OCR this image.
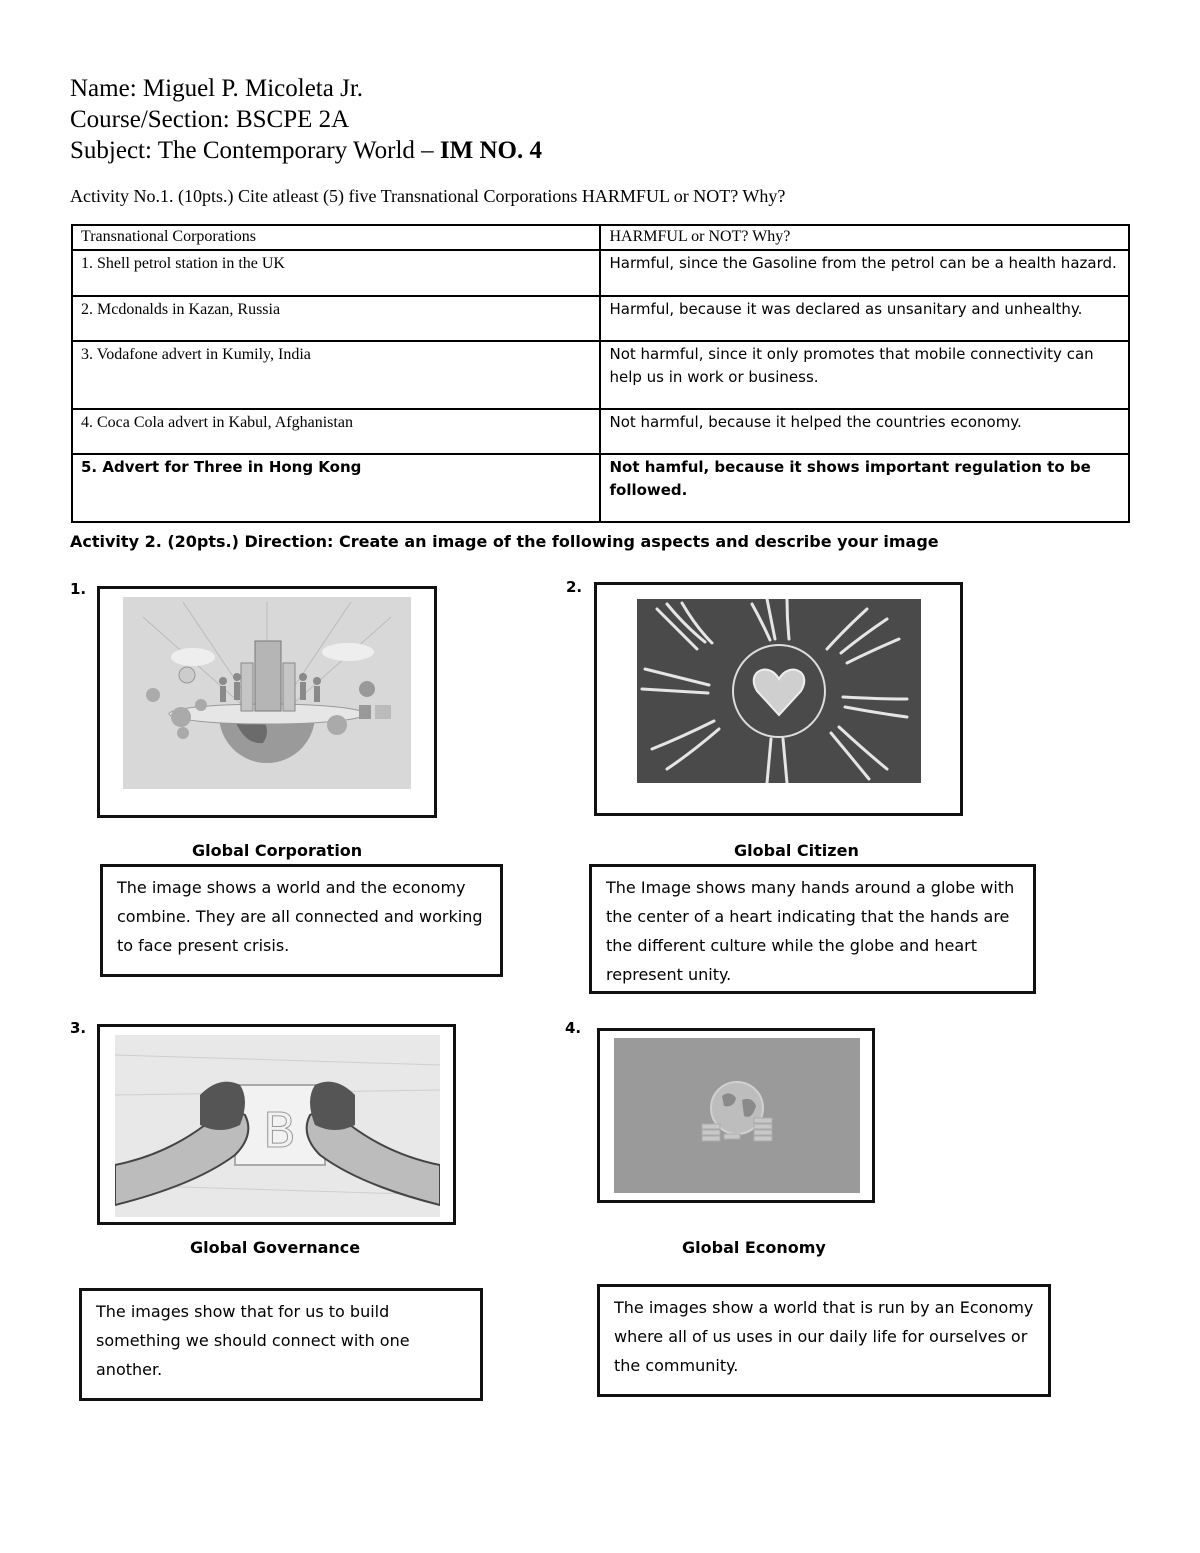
Name: Miguel P. Micoleta Jr.
Course/Section: BSCPE 2A
Subject: The Contemporary World – IM NO. 4
Activity No.1. (10pts.) Cite atleast (5) five Transnational Corporations HARMFUL or NOT? Why?
Transnational Corporations	HARMFUL or NOT? Why?
1. Shell petrol station in the UK	Harmful, since the Gasoline from the petrol can be a health hazard.
2. Mcdonalds in Kazan, Russia	Harmful, because it was declared as unsanitary and unhealthy.
3. Vodafone advert in Kumily, India	Not harmful, since it only promotes that mobile connectivity can help us in work or business.
4. Coca Cola advert in Kabul, Afghanistan	Not harmful, because it helped the countries economy.
5. Advert for Three in Hong Kong	Not hamful, because it shows important regulation to be followed.
Activity 2. (20pts.) Direction: Create an image of the following aspects and describe your image
1.
Global Corporation
The image shows a world and the economy combine. They are all connected and working to face present crisis.
2.
Global Citizen
The Image shows many hands around a globe with the center of a heart indicating that the hands are the different culture while the globe and heart represent unity.
3.
B
Global Governance
The images show that for us to build something we should connect with one another.
4.
Global Economy
The images show a world that is run by an Economy where all of us uses in our daily life for ourselves or the community.
